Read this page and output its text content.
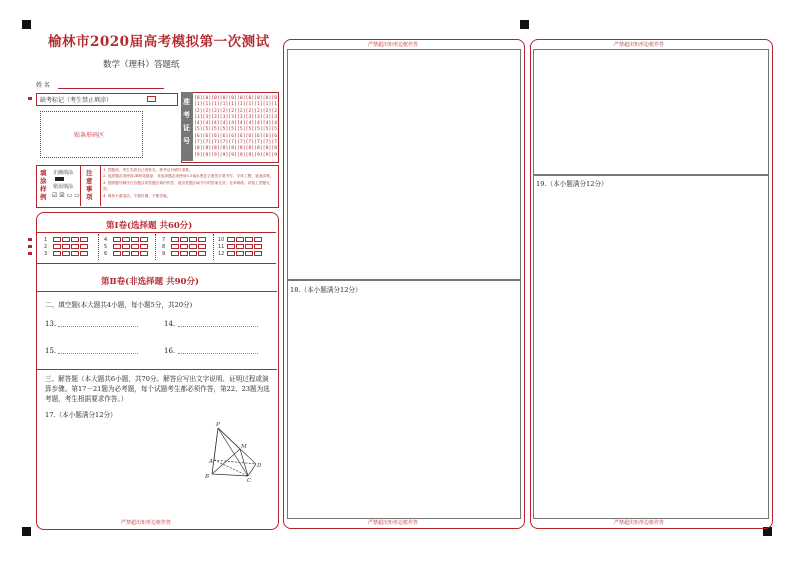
榆林市2020届高考模拟第一次测试
数学（理科）答题纸
姓 名
缺考标记（考生禁止填涂）
贴条形码区
准考证号
[0][0][0][0][0][0][0][0][0][0]
[1][1][1][1][1][1][1][1][1][1]
[2][2][2][2][2][2][2][2][2][2]
[3][3][3][3][3][3][3][3][3][3]
[4][4][4][4][4][4][4][4][4][4]
[5][5][5][5][5][5][5][5][5][5]
[6][6][6][6][6][6][6][6][6][6]
[7][7][7][7][7][7][7][7][7][7]
[8][8][8][8][8][8][8][8][8][8]
[9][9][9][9][9][9][9][9][9][9]
填涂样例
正确填涂
错误填涂
☑ ☒ ▭ ▭
注意事项
1. 答题前，考生先将自己的姓名、准考证号填写清楚。
2. 选择题必须使用2B铅笔填涂，非选择题必须使用0.5毫米黑色字迹签字笔书写，字体工整、笔迹清楚。
3. 按照题号顺序在各题目的答题区域内作答，超出答题区域书写的答案无效；在草稿纸、试卷上答题无效。
4. 保持卡面清洁，不要折叠、不要弄破。
第Ⅰ卷(选择题 共60分)
1	4	7	10
2	5	8	11
3	6	9	12
第Ⅱ卷(非选择题 共90分)
二、填空题(本大题共4小题，每小题5分，共20分)
13.	14.
15.	16.
三、解答题（本大题共6小题，共70分。解答应写出文字说明、证明过程或演算步骤。第17－21题为必考题，每个试题考生都必须作答，第22、23题为选考题，考生根据要求作答。）
17.（本小题满分12分）
P
M
A
D
B
C
严禁超出矩形边框作答
严禁超出矩形边框作答
18.（本小题满分12分）
严禁超出矩形边框作答
严禁超出矩形边框作答
19.（本小题满分12分）
严禁超出矩形边框作答
